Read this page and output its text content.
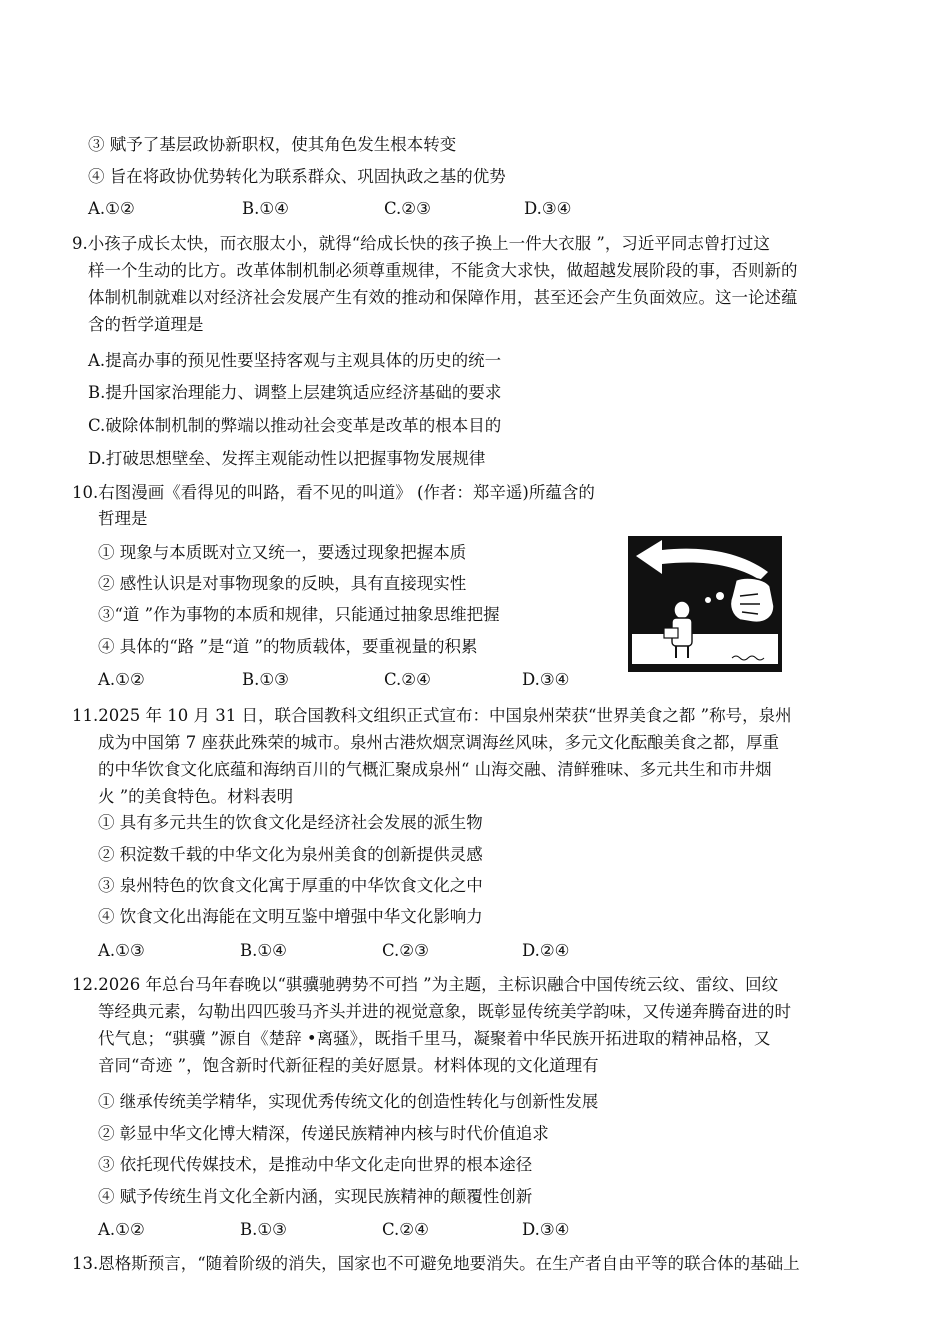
③ 赋予了基层政协新职权，使其角色发生根本转变
④ 旨在将政协优势转化为联系群众、巩固执政之基的优势
A.①②	B.①④	C.②③	D.③④
9.小孩子成长太快，而衣服太小，就得“给成长快的孩子换上一件大衣服 ”，习近平同志曾打过这
样一个生动的比方。改革体制机制必须尊重规律，不能贪大求快，做超越发展阶段的事，否则新的
体制机制就难以对经济社会发展产生有效的推动和保障作用，甚至还会产生负面效应。这一论述蕴
含的哲学道理是
A.提高办事的预见性要坚持客观与主观具体的历史的统一
B.提升国家治理能力、调整上层建筑适应经济基础的要求
C.破除体制机制的弊端以推动社会变革是改革的根本目的
D.打破思想壁垒、发挥主观能动性以把握事物发展规律
10.右图漫画《看得见的叫路，看不见的叫道》 (作者：郑辛遥)所蕴含的
哲理是
① 现象与本质既对立又统一，要透过现象把握本质
② 感性认识是对事物现象的反映，具有直接现实性
③“道 ”作为事物的本质和规律，只能通过抽象思维把握
④ 具体的“路 ”是“道 ”的物质载体，要重视量的积累
A.①②	B.①③	C.②④	D.③④
11.2025 年 10 月 31 日，联合国教科文组织正式宣布：中国泉州荣获“世界美食之都 ”称号，泉州
成为中国第 7 座获此殊荣的城市。泉州古港炊烟烹调海丝风味，多元文化酝酿美食之都，厚重
的中华饮食文化底蕴和海纳百川的气概汇聚成泉州“ 山海交融、清鲜雅味、多元共生和市井烟
火 ”的美食特色。材料表明
① 具有多元共生的饮食文化是经济社会发展的派生物
② 积淀数千载的中华文化为泉州美食的创新提供灵感
③ 泉州特色的饮食文化寓于厚重的中华饮食文化之中
④ 饮食文化出海能在文明互鉴中增强中华文化影响力
A.①③	B.①④	C.②③	D.②④
12.2026 年总台马年春晚以“骐骥驰骋势不可挡 ”为主题，主标识融合中国传统云纹、雷纹、回纹
等经典元素，勾勒出四匹骏马齐头并进的视觉意象，既彰显传统美学韵味，又传递奔腾奋进的时
代气息；“骐骥 ”源自《楚辞 •离骚》，既指千里马，凝聚着中华民族开拓进取的精神品格，又
音同“奇迹 ”，饱含新时代新征程的美好愿景。材料体现的文化道理有
① 继承传统美学精华，实现优秀传统文化的创造性转化与创新性发展
② 彰显中华文化博大精深，传递民族精神内核与时代价值追求
③ 依托现代传媒技术，是推动中华文化走向世界的根本途径
④ 赋予传统生肖文化全新内涵，实现民族精神的颠覆性创新
A.①②	B.①③	C.②④	D.③④
13.恩格斯预言，“随着阶级的消失，国家也不可避免地要消失。在生产者自由平等的联合体的基础上
